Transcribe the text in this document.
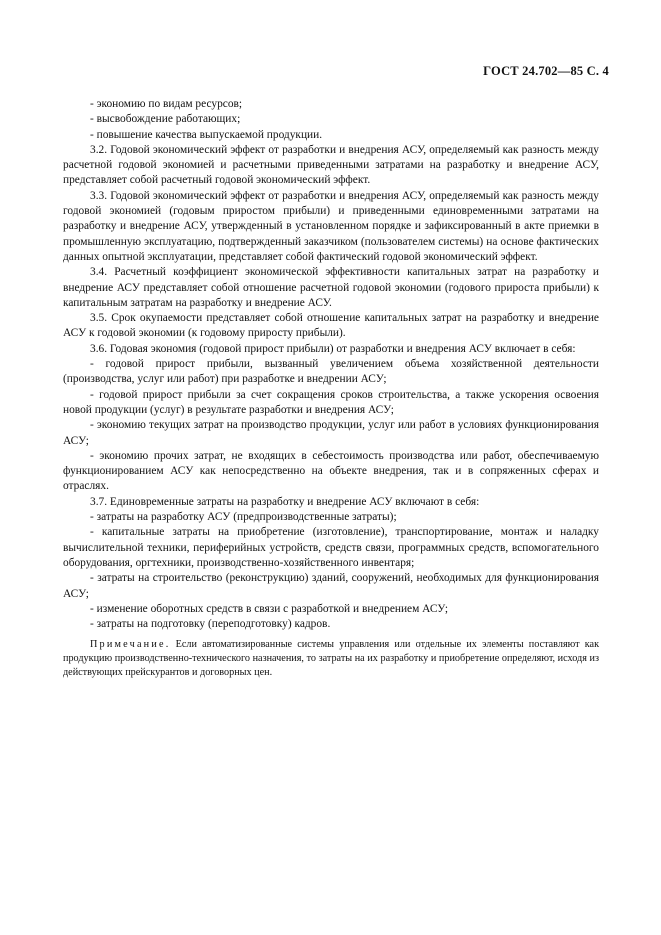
ГОСТ 24.702—85 С. 4

- экономию по видам ресурсов;

- высвобождение работающих;

- повышение качества выпускаемой продукции.

3.2. Годовой экономический эффект от разработки и внедрения АСУ, определяемый как разность между расчетной годовой экономией и расчетными приведенными затратами на разработку и внедрение АСУ, представляет собой расчетный годовой экономический эффект.

3.3. Годовой экономический эффект от разработки и внедрения АСУ, определяемый как разность между годовой экономией (годовым приростом прибыли) и приведенными единовременными затратами на разработку и внедрение АСУ, утвержденный в установленном порядке и зафиксированный в акте приемки в промышленную эксплуатацию, подтвержденный заказчиком (пользователем системы) на основе фактических данных опытной эксплуатации, представляет собой фактический годовой экономический эффект.

3.4. Расчетный коэффициент экономической эффективности капитальных затрат на разработку и внедрение АСУ представляет собой отношение расчетной годовой экономии (годового прироста прибыли) к капитальным затратам на разработку и внедрение АСУ.

3.5. Срок окупаемости представляет собой отношение капитальных затрат на разработку и внедрение АСУ к годовой экономии (к годовому приросту прибыли).

3.6. Годовая экономия (годовой прирост прибыли) от разработки и внедрения АСУ включает в себя:

- годовой прирост прибыли, вызванный увеличением объема хозяйственной деятельности (производства, услуг или работ) при разработке и внедрении АСУ;

- годовой прирост прибыли за счет сокращения сроков строительства, а также ускорения освоения новой продукции (услуг) в результате разработки и внедрения АСУ;

- экономию текущих затрат на производство продукции, услуг или работ в условиях функционирования АСУ;

- экономию прочих затрат, не входящих в себестоимость производства или работ, обеспечиваемую функционированием АСУ как непосредственно на объекте внедрения, так и в сопряженных сферах и отраслях.

3.7. Единовременные затраты на разработку и внедрение АСУ включают в себя:

- затраты на разработку АСУ (предпроизводственные затраты);

- капитальные затраты на приобретение (изготовление), транспортирование, монтаж и наладку вычислительной техники, периферийных устройств, средств связи, программных средств, вспомогательного оборудования, оргтехники, производственно-хозяйственного инвентаря;

- затраты на строительство (реконструкцию) зданий, сооружений, необходимых для функционирования АСУ;

- изменение оборотных средств в связи с разработкой и внедрением АСУ;

- затраты на подготовку (переподготовку) кадров.

Примечание. Если автоматизированные системы управления или отдельные их элементы поставляют как продукцию производственно-технического назначения, то затраты на их разработку и приобретение определяют, исходя из действующих прейскурантов и договорных цен.
